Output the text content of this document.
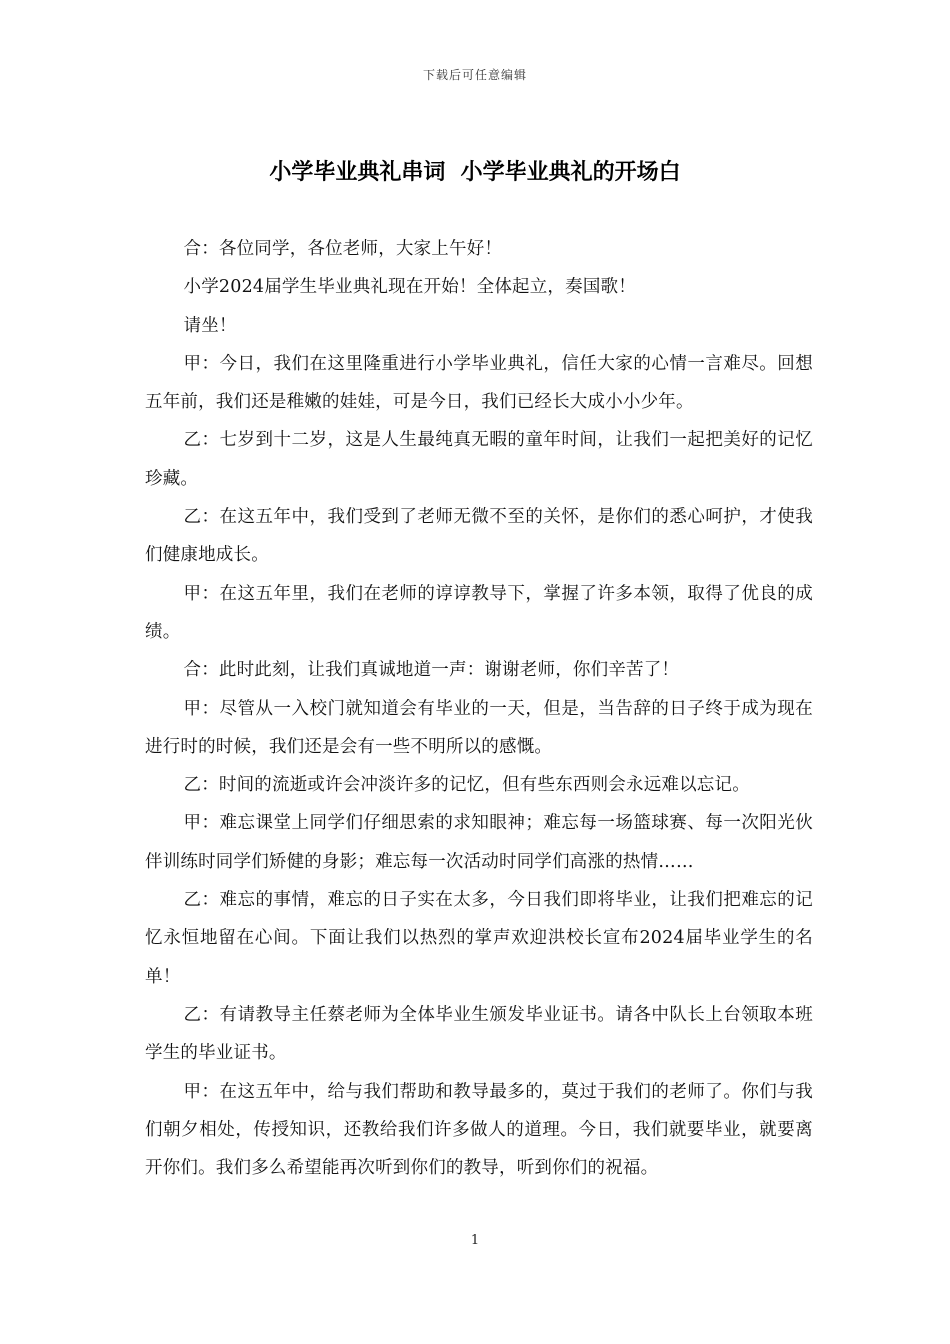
下载后可任意编辑
小学毕业典礼串词  小学毕业典礼的开场白

合：各位同学，各位老师，大家上午好！

小学2024届学生毕业典礼现在开始！全体起立，奏国歌！

请坐！

甲：今日，我们在这里隆重进行小学毕业典礼，信任大家的心情一言难尽。回想五年前，我们还是稚嫩的娃娃，可是今日，我们已经长大成小小少年。

乙：七岁到十二岁，这是人生最纯真无暇的童年时间，让我们一起把美好的记忆珍藏。

乙：在这五年中，我们受到了老师无微不至的关怀，是你们的悉心呵护，才使我们健康地成长。

甲：在这五年里，我们在老师的谆谆教导下，掌握了许多本领，取得了优良的成绩。

合：此时此刻，让我们真诚地道一声：谢谢老师，你们辛苦了！

甲：尽管从一入校门就知道会有毕业的一天，但是，当告辞的日子终于成为现在进行时的时候，我们还是会有一些不明所以的感慨。

乙：时间的流逝或许会冲淡许多的记忆，但有些东西则会永远难以忘记。

甲：难忘课堂上同学们仔细思索的求知眼神；难忘每一场篮球赛、每一次阳光伙伴训练时同学们矫健的身影；难忘每一次活动时同学们高涨的热情……

乙：难忘的事情，难忘的日子实在太多，今日我们即将毕业，让我们把难忘的记忆永恒地留在心间。下面让我们以热烈的掌声欢迎洪校长宣布2024届毕业学生的名单！

乙：有请教导主任蔡老师为全体毕业生颁发毕业证书。请各中队长上台领取本班学生的毕业证书。

甲：在这五年中，给与我们帮助和教导最多的，莫过于我们的老师了。你们与我们朝夕相处，传授知识，还教给我们许多做人的道理。今日，我们就要毕业，就要离开你们。我们多么希望能再次听到你们的教导，听到你们的祝福。

1
